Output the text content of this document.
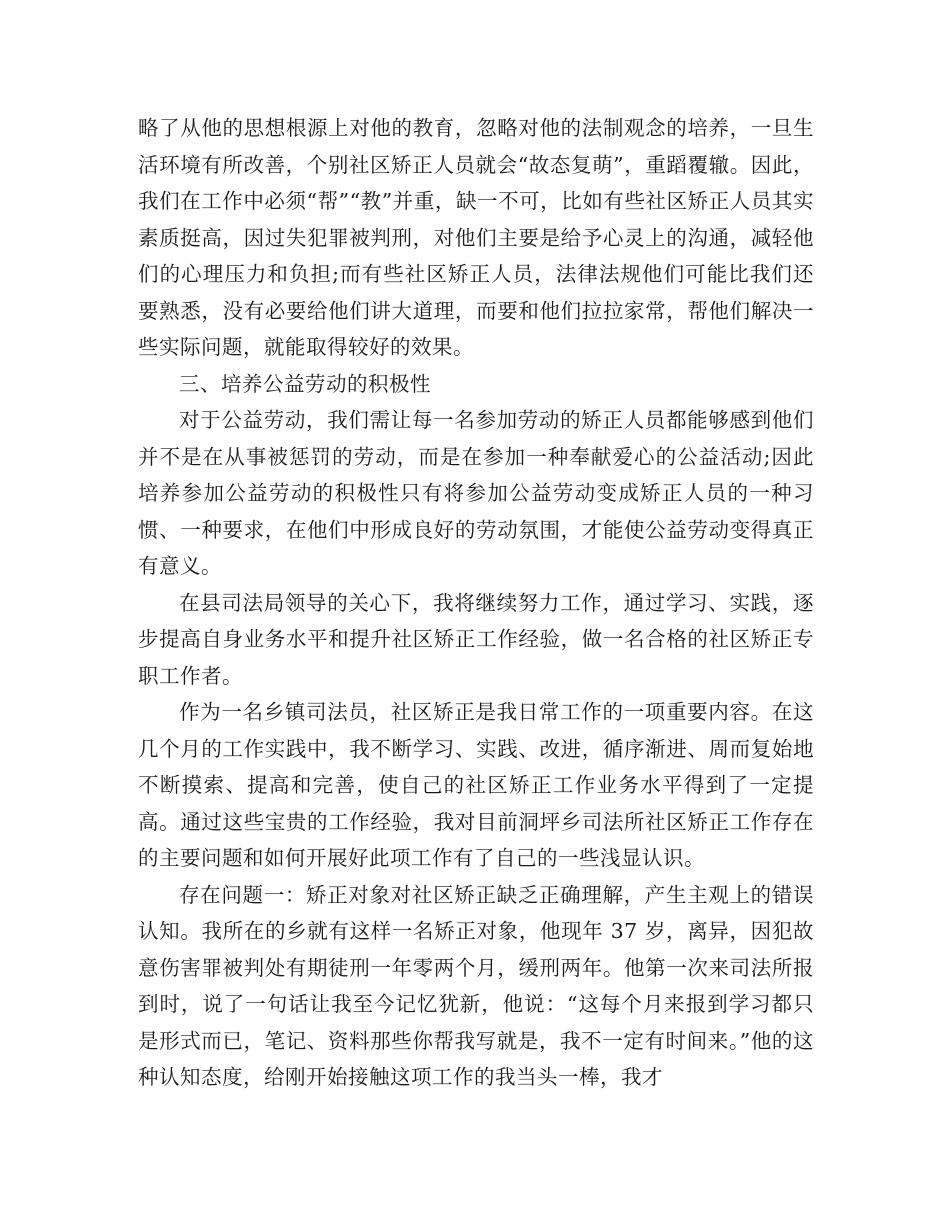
略了从他的思想根源上对他的教育，忽略对他的法制观念的培养，一旦生活环境有所改善，个别社区矫正人员就会“故态复萌”，重蹈覆辙。因此，我们在工作中必须“帮”“教”并重，缺一不可，比如有些社区矫正人员其实素质挺高，因过失犯罪被判刑，对他们主要是给予心灵上的沟通，减轻他们的心理压力和负担;而有些社区矫正人员，法律法规他们可能比我们还要熟悉，没有必要给他们讲大道理，而要和他们拉拉家常，帮他们解决一些实际问题，就能取得较好的效果。

三、培养公益劳动的积极性

对于公益劳动，我们需让每一名参加劳动的矫正人员都能够感到他们并不是在从事被惩罚的劳动，而是在参加一种奉献爱心的公益活动;因此培养参加公益劳动的积极性只有将参加公益劳动变成矫正人员的一种习惯、一种要求，在他们中形成良好的劳动氛围，才能使公益劳动变得真正有意义。

在县司法局领导的关心下，我将继续努力工作，通过学习、实践，逐步提高自身业务水平和提升社区矫正工作经验，做一名合格的社区矫正专职工作者。

作为一名乡镇司法员，社区矫正是我日常工作的一项重要内容。在这几个月的工作实践中，我不断学习、实践、改进，循序渐进、周而复始地不断摸索、提高和完善，使自己的社区矫正工作业务水平得到了一定提高。通过这些宝贵的工作经验，我对目前洞坪乡司法所社区矫正工作存在的主要问题和如何开展好此项工作有了自己的一些浅显认识。

存在问题一：矫正对象对社区矫正缺乏正确理解，产生主观上的错误认知。我所在的乡就有这样一名矫正对象，他现年 37 岁，离异，因犯故意伤害罪被判处有期徒刑一年零两个月，缓刑两年。他第一次来司法所报到时，说了一句话让我至今记忆犹新，他说：“这每个月来报到学习都只是形式而已，笔记、资料那些你帮我写就是，我不一定有时间来。”他的这种认知态度，给刚开始接触这项工作的我当头一棒，我才
